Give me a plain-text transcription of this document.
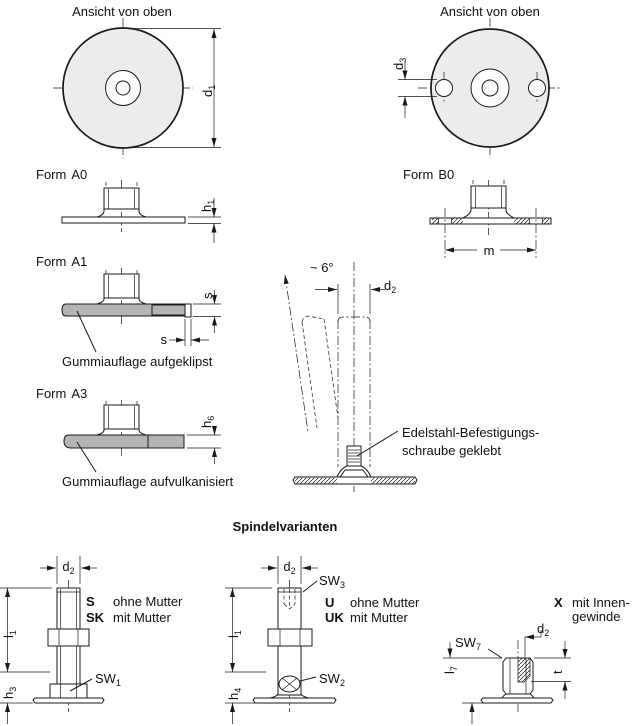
Ansicht von oben
$d_1$
Ansicht von oben
$d_3$
Form A0
$h_1$
Form B0
m
Form A1
Gummiauflage aufgeklipst
s
s
Form A3
Gummiauflage aufvulkanisiert
$h_6$
~ 6°
$d_2$
Edelstahl-Befestigungs-
schraube geklebt
Spindelvarianten
$d_2$
$SW_1$
S ohne Mutter
SK mit Mutter
$l_1$
$h_3$
$d_2$
$SW_3$
$SW_2$
U ohne Mutter
UK mit Mutter
$l_1$
$h_4$
X mit Innen-
gewinde
$d_2$
$SW_7$
t
$l_7$
